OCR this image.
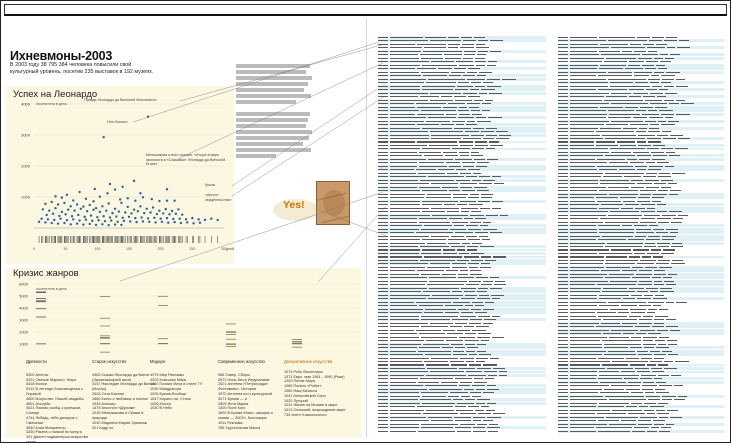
Ихневмоны-2003
В 2003 году 38 795 384 человека повысили свой культурный уровень, посетив 235 выставок в 192 музеях.
Успех на Леонардо
1000
2000
3000
4000 посетители в день
0	50	100	150	200	250	300 дней
Правда Леонардо да Винчи/ий Мопсинисти
Гете Бисини
Меньшикова и всех сказать. Четыре в мире экспоната в «Сказками» Леонардо да Винчи/ий Египет
Куклы
«Ангел» свидетельства»
Кризис жанров
1000
2000
3000
4000
5000
6000
посетители в день
Древности
5300 Ангелы
5321 Святые Маркого. Фара
5318 Мопси
5312 В легенде Благовещенья с Лирикой
4800 Искусство. Нашей свадьбы
4601 Ассорби
4521 Пикник сообщ с кулешом, Солнце
4744 Лебедь, тебя дилеров с Смешные
3940 Азия Монументы
3250 Ракета с папкой по мотуга
101 Диоген подмастерья искусства стена
Старое искусство
4963 Сказки Леонардо да Винчи (Эрмитаж/музей икон)
3147 Наследие Леонардо да Винчи (Мосты)
2503 Сети Бисини
1680 Кисть с любовью и поклон
1543 Алишер
1479 Аполлон «Дирхам»
1015 Меньшикова и Сказки в природа
1040 Мадонна Мария Эрмитаж
321 Кадр по
Модерн
4975 Мир Рекламы
4203 Классики Мака
1440 Поэзия Мата в стиле ТУ
1030 Мандрагора
1026 Бремя-Вообще
1047 Коралл-ля, Стиль
1026 Мосты
1030 В Небо
Современное искусство
966 Сквер, Сборы
2672 Ноль-без в Иерусалиме
2021 Антенна «Петрограда» Фестиваль», Истории
1970 Антенна на и культурный
3071 Бремя — и
2800 Яхта Марка
1400 Поле Кого
1800 В Бремя Книги, шкафах и сказки — 2003», Коллекция
1011 Реклама
785 Хрустальная Маска
Декоративные искусства
1074 Робо Волонтеры
1371 Евро. ман 1961 - 1990 (Рики)
1200 Пение Моря
1080 Пальто «Робот»
1080 Нащ Бизнеса
1041 Бельгийский Серп
1022 Лугорий
1031 Жизнь на Москве в мире
1013 Сельский, возрождение мире
735 Агент Классичности
Yes!
